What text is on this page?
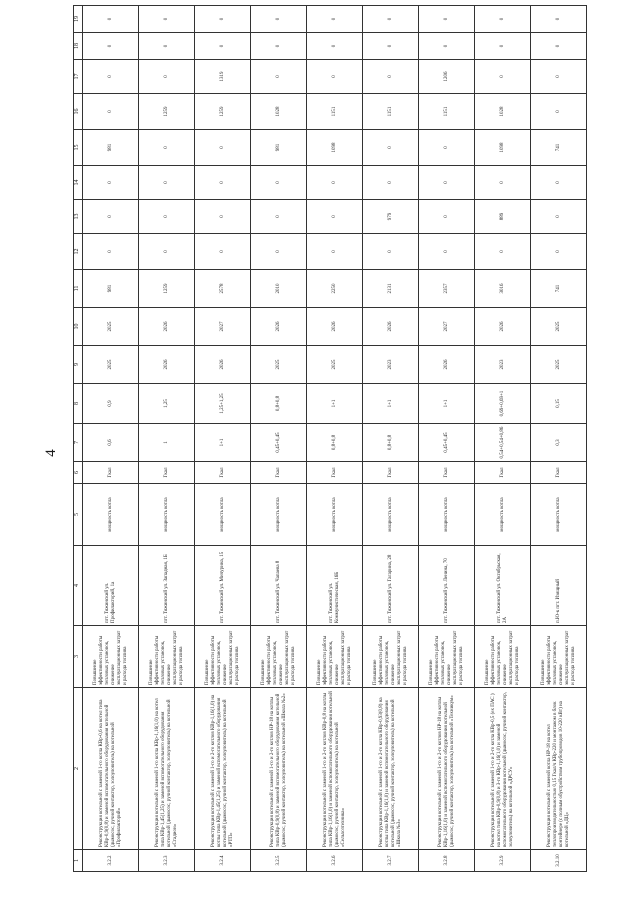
4
1	2	3	4	5	6	7	8	9	10	11	12	13	14	15	16	17	18	19
3.2.2	Реконструкция котельной с заменой 1-го котла КВр-0,6 на котел типа КВр-0,9(0,8) и заменой вспомогательного оборудования котельной (дымосос, ручной контактор, золоуловитель) на котельной «Профилакторий»	Повышение эффективности работы тепловых установок, снижение эксплуатационных затрат и расхода топлива	пгт. Тяжинский ул. Профилакторий, 1а	мощность котла	Гкал	0,6	0,9	2025	2025	981	0	0	0	981	0	0	0	0
3.2.3	Реконструкция котельной с заменой 1-го котла КВр-1,16(1,0) на котел типа КВр-1,45(1,25) и заменой вспомогательного оборудования котельной (дымосос, ручной контактор, золоуловитель) на котельной «Стадион»	Повышение эффективности работы тепловых установок, снижение эксплуатационных затрат и расхода топлива	пгт. Тяжинский ул. Западная, 1Б	мощность котла	Гкал	1	1,25	2026	2026	1259	0	0	0	0	1259	0	0	0
3.2.4	Реконструкция котельной с заменой 1-го и 2-го котлов КВр-1,16(1,0) на котлы типа КВр-1,45(1,25) и заменой вспомогательного оборудования котельной (дымосос, ручной контактор, золоуловитель) на котельной «РТП»	Повышение эффективности работы тепловых установок, снижение эксплуатационных затрат и расхода топлива	пгт. Тяжинский ул. Мичурина, 15	мощность котла	Гкал	1+1	1,25+1,25	2026	2027	2578	0	0	0	0	1259	1319	0	0
3.2.5	Реконструкция котельной с заменой 1-го и 2-го котлов HP-18 на котлы типа КВр-0,9(0,8) и заменой вспомогательного оборудования котельной (дымосос, ручной контактор, золоуловитель) на котельной «Школа №2»	Повышение эффективности работы тепловых установок, снижение эксплуатационных затрат и расхода топлива	пгт. Тяжинский ул. Чапаева 8	мощность котла	Гкал	0,45+0,45	0,8+0,8	2025	2026	2010	0	0	0	981	1028	0	0	0
3.2.6	Реконструкция котельной с заменой 1-го и 2-го котлов КВр-0,8 на котлы типа КВр-1,16(1,0) и заменой вспомогательного оборудования котельной (дымосос, ручной контактор, золоуловитель) на котельной «Сельхозтехника»	Повышение эффективности работы тепловых установок, снижение эксплуатационных затрат и расхода топлива	пгт. Тяжинский ул. Коммунистическая, 16Б	мощность котла	Гкал	0,8+0,8	1+1	2025	2026	2250	0	0	0	1098	1151	0	0	0
3.2.7	Реконструкция котельной с заменой 1-го и 2-го котла КВр-0,93(0,8) на котлы типа КВр-1,16(1,0) и заменой вспомогательного оборудования котельной (дымосос, ручной контактор, золоуловитель) на котельной «Школа №3»	Повышение эффективности работы тепловых установок, снижение эксплуатационных затрат и расхода топлива	пгт. Тяжинский ул. Гагарина, 28	мощность котла	Гкал	0,8+0,8	1+1	2023	2026	2131	0	979	0	0	1151	0	0	0
3.2.8	Реконструкция котельной с заменой 1-го и 2-го котлов HP-18 на котлы КВр-1,16(1,0) и заменой вспомогательного оборудования котельной (дымосос, ручной контактор, золоуловитель) на котельной «Техникум»	Повышение эффективности работы тепловых установок, снижение эксплуатационных затрат и расхода топлива	пгт. Тяжинский ул. Ленина, 70	мощность котла	Гкал	0,45+0,45	1+1	2026	2027	2357	0	0	0	0	1151	1206	0	0
3.2.9	Реконструкция котельной с заменой 1-го и 2-го котла КВр-0,5 (ex ПАС ) на котел типа КВр-0,9(0,8) и 3-го КВр-1,16(1,0) и заменой вспомогательного оборудования котельной (дымосос, ручной контактор, золоуловитель) на котельной «ДРСУ»	Повышение эффективности работы тепловых установок, снижение эксплуатационных затрат и расхода топлива	пгт. Тяжинский ул. Октябрьская, 2А	мощность котла	Гкал	0,54+0,54+0,86	0,69+0,69+1	2023	2026	3016	0	889	0	1098	1028	0	0	0
3.2.10	Реконструкция котельной с заменой котла HP-18 на котел теплопроизводительностью 0,15 Гкал/ч КВр-220 и монтажом в блок контейнере (с полным обустройством трубопроводов 10-220 кВт) на котельной «ДЦ»	Повышение эффективности работы тепловых установок, снижение эксплуатационных затрат и расхода топлива	п.Ю-к пгт. Изящный	мощность котла	Гкал	0,3	0,15	2025	2025	741	0	0	0	741	0	0	0	0
